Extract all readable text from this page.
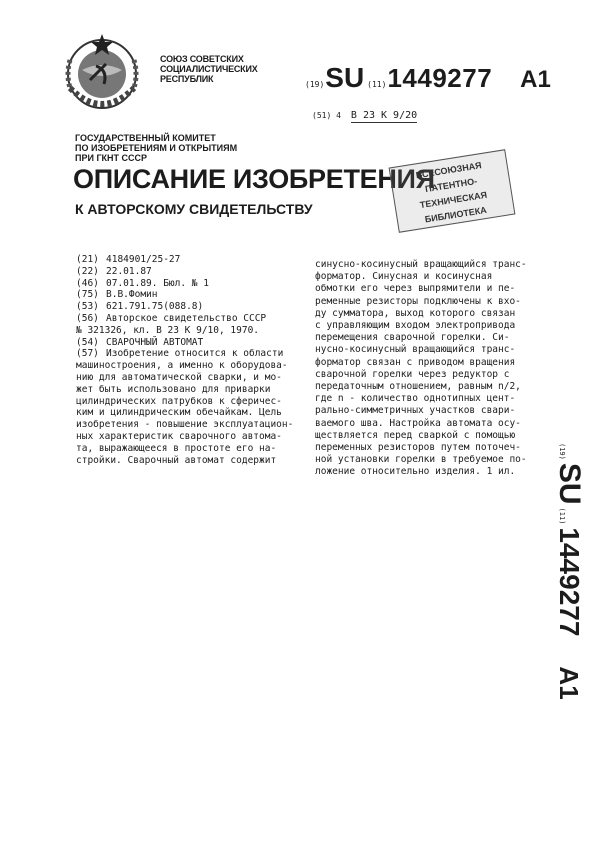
СОЮЗ СОВЕТСКИХ
СОЦИАЛИСТИЧЕСКИХ
РЕСПУБЛИК
(19) SU (11) 1449277 A1
(51) 4 В 23 К 9/20
ГОСУДАРСТВЕННЫЙ КОМИТЕТ
ПО ИЗОБРЕТЕНИЯМ И ОТКРЫТИЯМ
ПРИ ГКНТ СССР
ОПИСАНИЕ ИЗОБРЕТЕНИЯ
К АВТОРСКОМУ СВИДЕТЕЛЬСТВУ
ВСЕСОЮЗНАЯ
ПАТЕНТНО-ТЕХНИЧЕСКАЯ
БИБЛИОТЕКА
(21) 4184901/25-27
(22) 22.01.87
(46) 07.01.89. Бюл. № 1
(75) В.В.Фомин
(53) 621.791.75(088.8)
(56) Авторское свидетельство СССР
№ 321326, кл. В 23 К 9/10, 1970.
(54) СВАРОЧНЫЙ АВТОМАТ
(57) Изобретение относится к области
машиностроения, а именно к оборудова-
нию для автоматической сварки, и мо-
жет быть использовано для приварки
цилиндрических патрубков к сферичес-
ким и цилиндрическим обечайкам. Цель
изобретения - повышение эксплуатацион-
ных характеристик сварочного автома-
та, выражающееся в простоте его на-
стройки. Сварочный автомат содержит
синусно-косинусный вращающийся транс-
форматор. Синусная и косинусная
обмотки его через выпрямители и пе-
ременные резисторы подключены к вхо-
ду сумматора, выход которого связан
с управляющим входом электропривода
перемещения сварочной горелки. Си-
нусно-косинусный вращающийся транс-
форматор связан с приводом вращения
сварочной горелки через редуктор с
передаточным отношением, равным n/2,
где n - количество однотипных цент-
рально-симметричных участков свари-
ваемого шва. Настройка автомата осу-
ществляется перед сваркой с помощью
переменных резисторов путем поточеч-
ной установки горелки в требуемое по-
ложение относительно изделия. 1 ил.
(19)
SU
(11)
1449277
A1
